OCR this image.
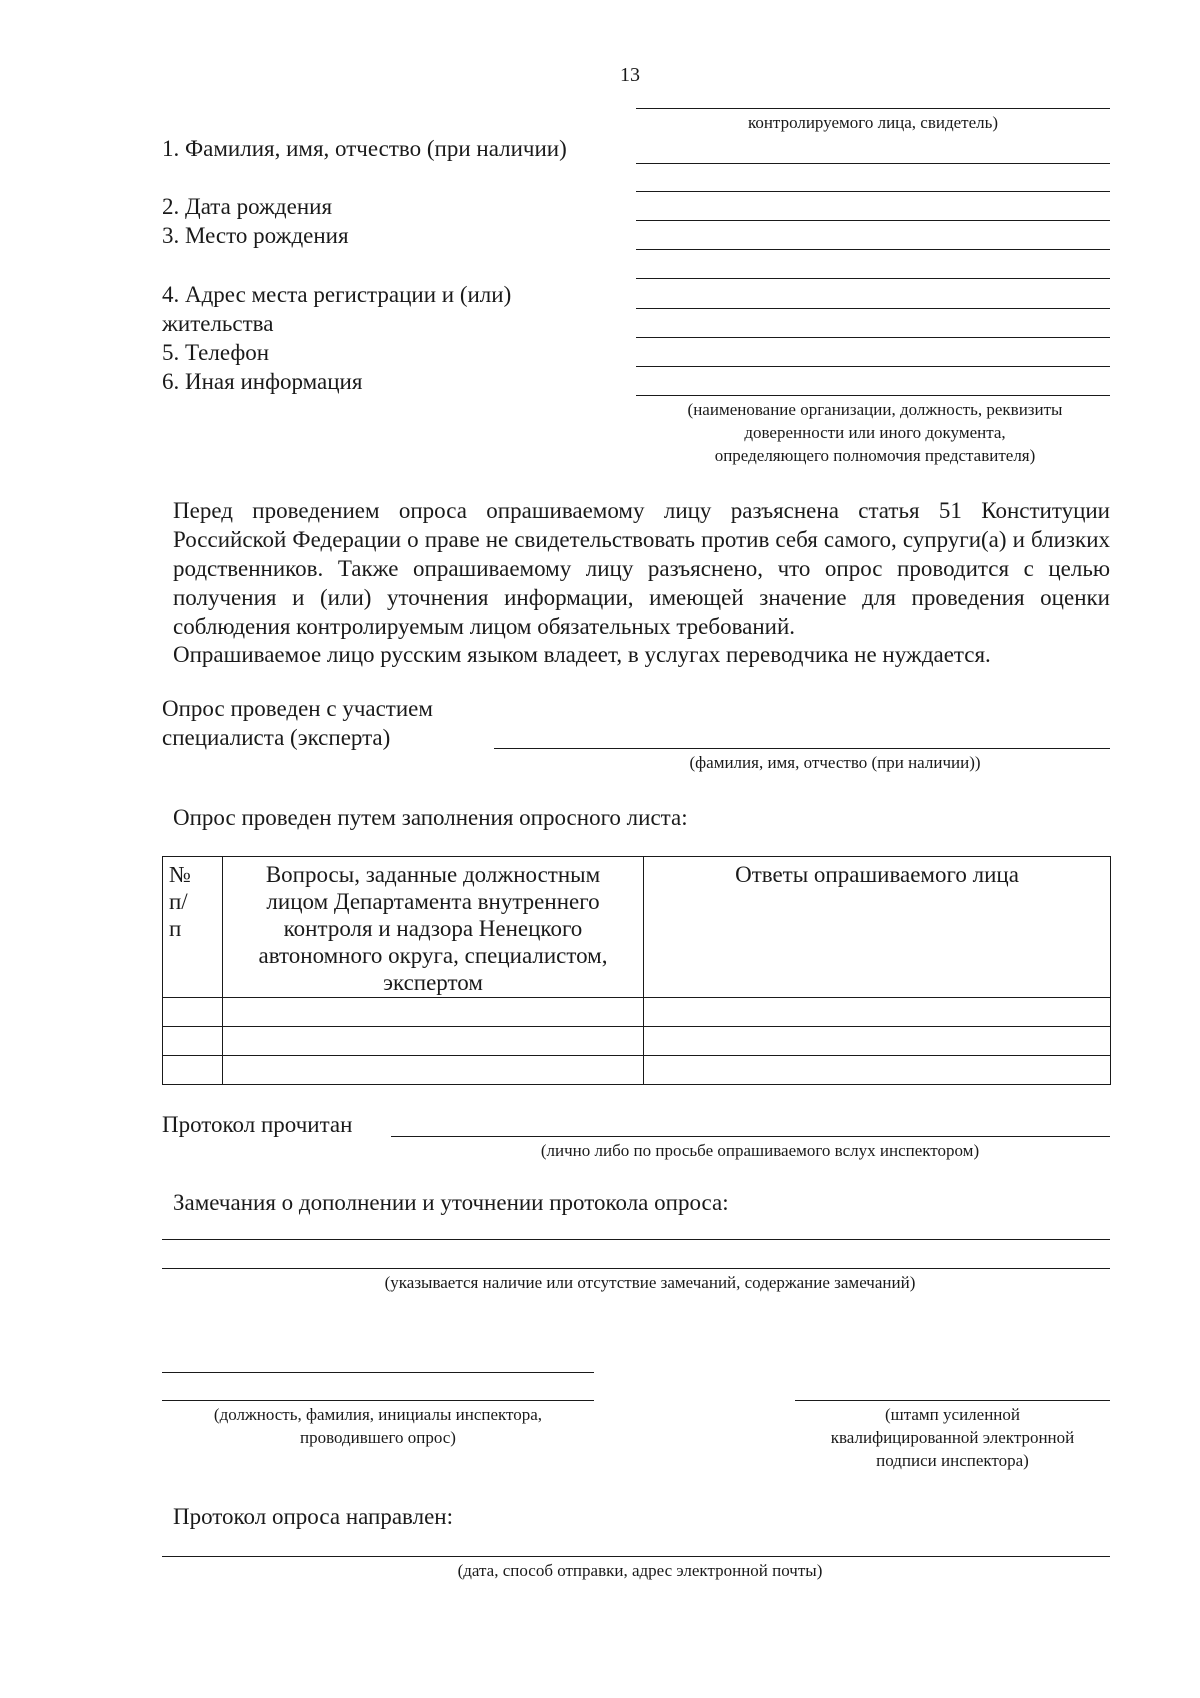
13
контролируемого лица, свидетель)
1. Фамилия, имя, отчество (при наличии)
2. Дата рождения
3. Место рождения
4. Адрес места регистрации и (или)
жительства
5. Телефон
6. Иная информация
(наименование организации, должность, реквизиты
доверенности или иного документа,
определяющего полномочия представителя)
Перед проведением опроса опрашиваемому лицу разъяснена статья 51 Конституции Российской Федерации о праве не свидетельствовать против себя самого, супруги(а) и близких родственников. Также опрашиваемому лицу разъяснено, что опрос проводится с целью получения и (или) уточнения информации, имеющей значение для проведения оценки соблюдения контролируемым лицом обязательных требований.
Опрашиваемое лицо русским языком владеет, в услугах переводчика не нуждается.
Опрос проведен с участием
специалиста (эксперта)
(фамилия, имя, отчество (при наличии))
Опрос проведен путем заполнения опросного листа:
№ п/п	Вопросы, заданные должностным лицом Департамента внутреннего контроля и надзора Ненецкого автономного округа, специалистом, экспертом	Ответы опрашиваемого лица

Протокол прочитан
(лично либо по просьбе опрашиваемого вслух инспектором)
Замечания о дополнении и уточнении протокола опроса:
(указывается наличие или отсутствие замечаний, содержание замечаний)
(должность, фамилия, инициалы инспектора,
проводившего опрос)
(штамп усиленной
квалифицированной электронной
подписи инспектора)
Протокол опроса направлен:
(дата, способ отправки, адрес электронной почты)
